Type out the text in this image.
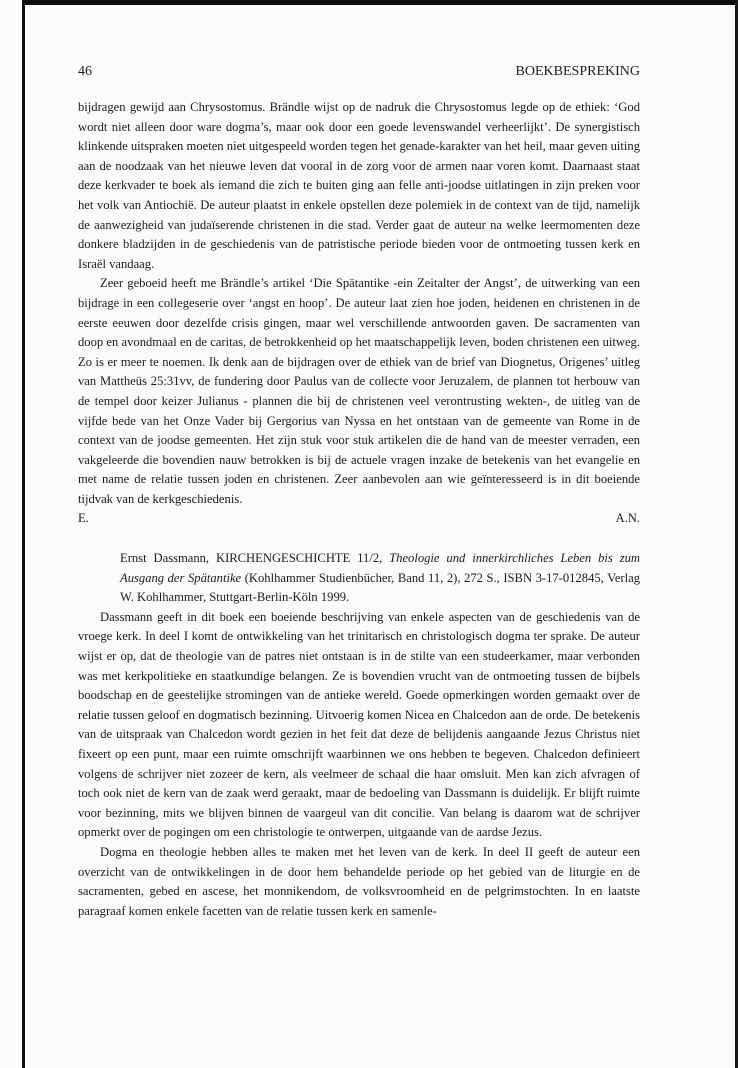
46	BOEKBESPREKING

bijdragen gewijd aan Chrysostomus. Brändle wijst op de nadruk die Chrysostomus legde op de ethiek: ‘God wordt niet alleen door ware dogma’s, maar ook door een goede levenswandel verheerlijkt’. De synergistisch klinkende uitspraken moeten niet uitgespeeld worden tegen het genade-karakter van het heil, maar geven uiting aan de noodzaak van het nieuwe leven dat vooral in de zorg voor de armen naar voren komt. Daarnaast staat deze kerkvader te boek als iemand die zich te buiten ging aan felle anti-joodse uitlatingen in zijn preken voor het volk van Antiochië. De auteur plaatst in enkele opstellen deze polemiek in de context van de tijd, namelijk de aanwezigheid van judaïserende christenen in die stad. Verder gaat de auteur na welke leermomenten deze donkere bladzijden in de geschiedenis van de patristische periode bieden voor de ontmoeting tussen kerk en Israël vandaag.

Zeer geboeid heeft me Brändle’s artikel ‘Die Spätantike -ein Zeitalter der Angst’, de uitwerking van een bijdrage in een collegeserie over ‘angst en hoop’. De auteur laat zien hoe joden, heidenen en christenen in de eerste eeuwen door dezelfde crisis gingen, maar wel verschillende antwoorden gaven. De sacramenten van doop en avondmaal en de caritas, de betrokkenheid op het maatschappelijk leven, boden christenen een uitweg. Zo is er meer te noemen. Ik denk aan de bijdragen over de ethiek van de brief van Diognetus, Origenes’ uitleg van Mattheüs 25:31vv, de fundering door Paulus van de collecte voor Jeruzalem, de plannen tot herbouw van de tempel door keizer Julianus - plannen die bij de christenen veel verontrusting wekten-, de uitleg van de vijfde bede van het Onze Vader bij Gergorius van Nyssa en het ontstaan van de gemeente van Rome in de context van de joodse gemeenten. Het zijn stuk voor stuk artikelen die de hand van de meester verraden, een vakgeleerde die bovendien nauw betrokken is bij de actuele vragen inzake de betekenis van het evangelie en met name de relatie tussen joden en christenen. Zeer aanbevolen aan wie geïnteresseerd is in dit boeiende tijdvak van de kerkgeschiedenis.

E.	A.N.

Ernst Dassmann, KIRCHENGESCHICHTE 11/2, Theologie und innerkirchliches Leben bis zum Ausgang der Spätantike (Kohlhammer Studienbücher, Band 11, 2), 272 S., ISBN 3-17-012845, Verlag W. Kohlhammer, Stuttgart-Berlin-Köln 1999.

Dassmann geeft in dit boek een boeiende beschrijving van enkele aspecten van de geschiedenis van de vroege kerk. In deel I komt de ontwikkeling van het trinitarisch en christologisch dogma ter sprake. De auteur wijst er op, dat de theologie van de patres niet ontstaan is in de stilte van een studeerkamer, maar verbonden was met kerkpolitieke en staatkundige belangen. Ze is bovendien vrucht van de ontmoeting tussen de bijbels boodschap en de geestelijke stromingen van de antieke wereld. Goede opmerkingen worden gemaakt over de relatie tussen geloof en dogmatisch bezinning. Uitvoerig komen Nicea en Chalcedon aan de orde. De betekenis van de uitspraak van Chalcedon wordt gezien in het feit dat deze de belijdenis aangaande Jezus Christus niet fixeert op een punt, maar een ruimte omschrijft waarbinnen we ons hebben te begeven. Chalcedon definieert volgens de schrijver niet zozeer de kern, als veelmeer de schaal die haar omsluit. Men kan zich afvragen of toch ook niet de kern van de zaak werd geraakt, maar de bedoeling van Dassmann is duidelijk. Er blijft ruimte voor bezinning, mits we blijven binnen de vaargeul van dit concilie. Van belang is daarom wat de schrijver opmerkt over de pogingen om een christologie te ontwerpen, uitgaande van de aardse Jezus.

Dogma en theologie hebben alles te maken met het leven van de kerk. In deel II geeft de auteur een overzicht van de ontwikkelingen in de door hem behandelde periode op het gebied van de liturgie en de sacramenten, gebed en ascese, het monnikendom, de volksvroomheid en de pelgrimstochten. In en laatste paragraaf komen enkele facetten van de relatie tussen kerk en samenle-
